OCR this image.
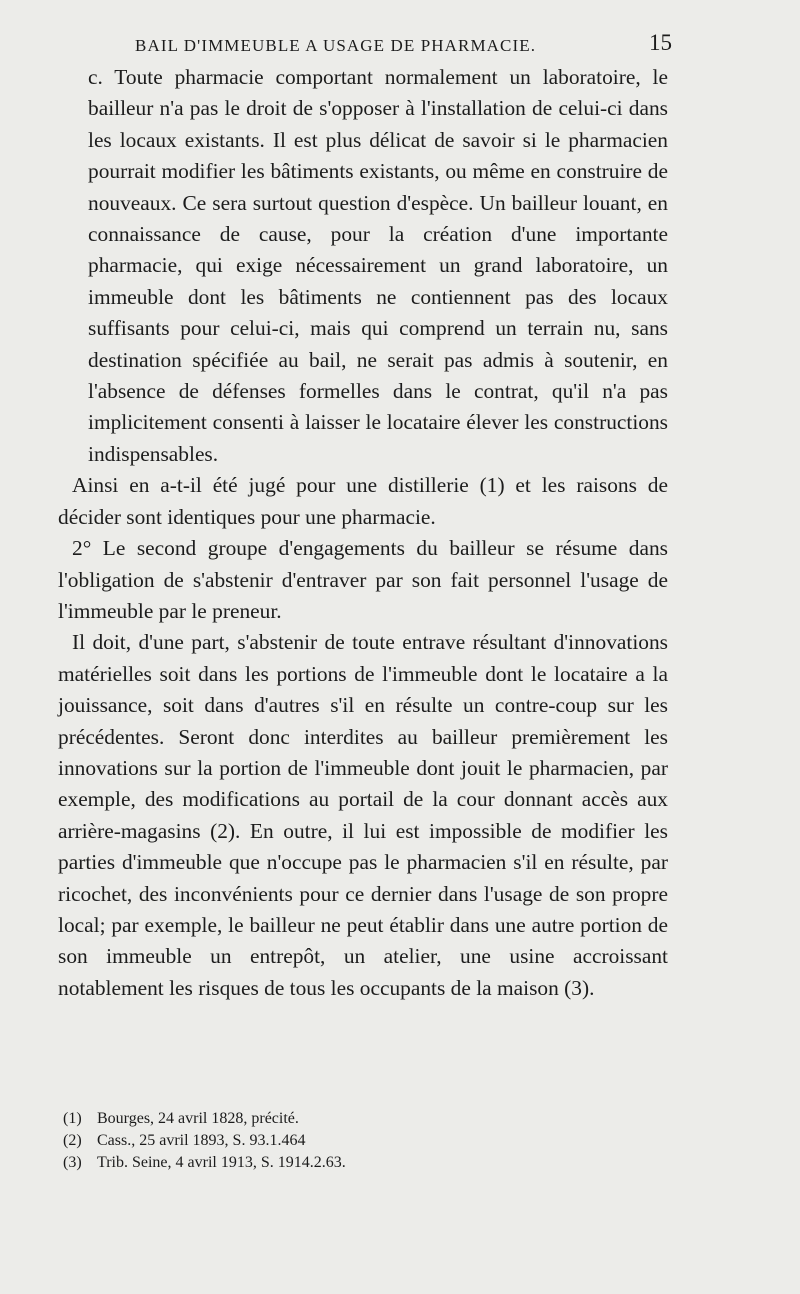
BAIL D'IMMEUBLE A USAGE DE PHARMACIE.	15

c. Toute pharmacie comportant normalement un laboratoire, le bailleur n'a pas le droit de s'opposer à l'installation de celui-ci dans les locaux existants. Il est plus délicat de savoir si le pharmacien pourrait modifier les bâtiments existants, ou même en construire de nouveaux. Ce sera surtout question d'espèce. Un bailleur louant, en connaissance de cause, pour la création d'une importante pharmacie, qui exige nécessairement un grand laboratoire, un immeuble dont les bâtiments ne contiennent pas des locaux suffisants pour celui-ci, mais qui comprend un terrain nu, sans destination spécifiée au bail, ne serait pas admis à soutenir, en l'absence de défenses formelles dans le contrat, qu'il n'a pas implicitement consenti à laisser le locataire élever les constructions indispensables.

Ainsi en a-t-il été jugé pour une distillerie (1) et les raisons de décider sont identiques pour une pharmacie.

2° Le second groupe d'engagements du bailleur se résume dans l'obligation de s'abstenir d'entraver par son fait personnel l'usage de l'immeuble par le preneur.

Il doit, d'une part, s'abstenir de toute entrave résultant d'innovations matérielles soit dans les portions de l'immeuble dont le locataire a la jouissance, soit dans d'autres s'il en résulte un contre-coup sur les précédentes. Seront donc interdites au bailleur premièrement les innovations sur la portion de l'immeuble dont jouit le pharmacien, par exemple, des modifications au portail de la cour donnant accès aux arrière-magasins (2). En outre, il lui est impossible de modifier les parties d'immeuble que n'occupe pas le pharmacien s'il en résulte, par ricochet, des inconvénients pour ce dernier dans l'usage de son propre local; par exemple, le bailleur ne peut établir dans une autre portion de son immeuble un entrepôt, un atelier, une usine accroissant notablement les risques de tous les occupants de la maison (3).

(1) Bourges, 24 avril 1828, précité.
(2) Cass., 25 avril 1893, S. 93.1.464
(3) Trib. Seine, 4 avril 1913, S. 1914.2.63.
